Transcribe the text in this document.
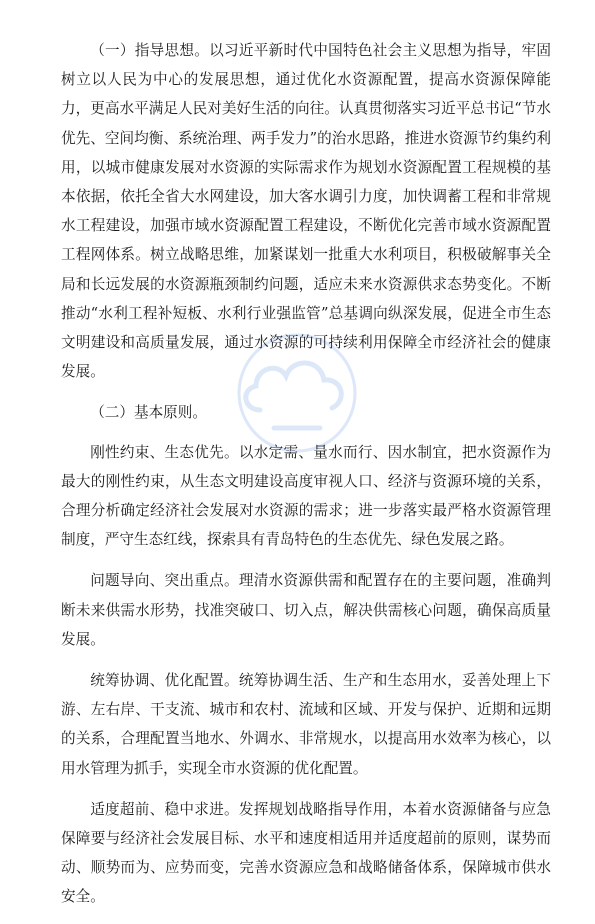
（一）指导思想。以习近平新时代中国特色社会主义思想为指导，牢固树立以人民为中心的发展思想，通过优化水资源配置，提高水资源保障能力，更高水平满足人民对美好生活的向往。认真贯彻落实习近平总书记“节水优先、空间均衡、系统治理、两手发力”的治水思路，推进水资源节约集约利用，以城市健康发展对水资源的实际需求作为规划水资源配置工程规模的基本依据，依托全省大水网建设，加大客水调引力度，加快调蓄工程和非常规水工程建设，加强市域水资源配置工程建设，不断优化完善市域水资源配置工程网体系。树立战略思维，加紧谋划一批重大水利项目，积极破解事关全局和长远发展的水资源瓶颈制约问题，适应未来水资源供求态势变化。不断推动“水利工程补短板、水利行业强监管”总基调向纵深发展，促进全市生态文明建设和高质量发展，通过水资源的可持续利用保障全市经济社会的健康发展。

（二）基本原则。

刚性约束、生态优先。以水定需、量水而行、因水制宜，把水资源作为最大的刚性约束，从生态文明建设高度审视人口、经济与资源环境的关系，合理分析确定经济社会发展对水资源的需求；进一步落实最严格水资源管理制度，严守生态红线，探索具有青岛特色的生态优先、绿色发展之路。

问题导向、突出重点。理清水资源供需和配置存在的主要问题，准确判断未来供需水形势，找准突破口、切入点，解决供需核心问题，确保高质量发展。

统筹协调、优化配置。统筹协调生活、生产和生态用水，妥善处理上下游、左右岸、干支流、城市和农村、流域和区域、开发与保护、近期和远期的关系，合理配置当地水、外调水、非常规水，以提高用水效率为核心，以用水管理为抓手，实现全市水资源的优化配置。

适度超前、稳中求进。发挥规划战略指导作用，本着水资源储备与应急保障要与经济社会发展目标、水平和速度相适用并适度超前的原则，谋势而动、顺势而为、应势而变，完善水资源应急和战略储备体系，保障城市供水安全。
